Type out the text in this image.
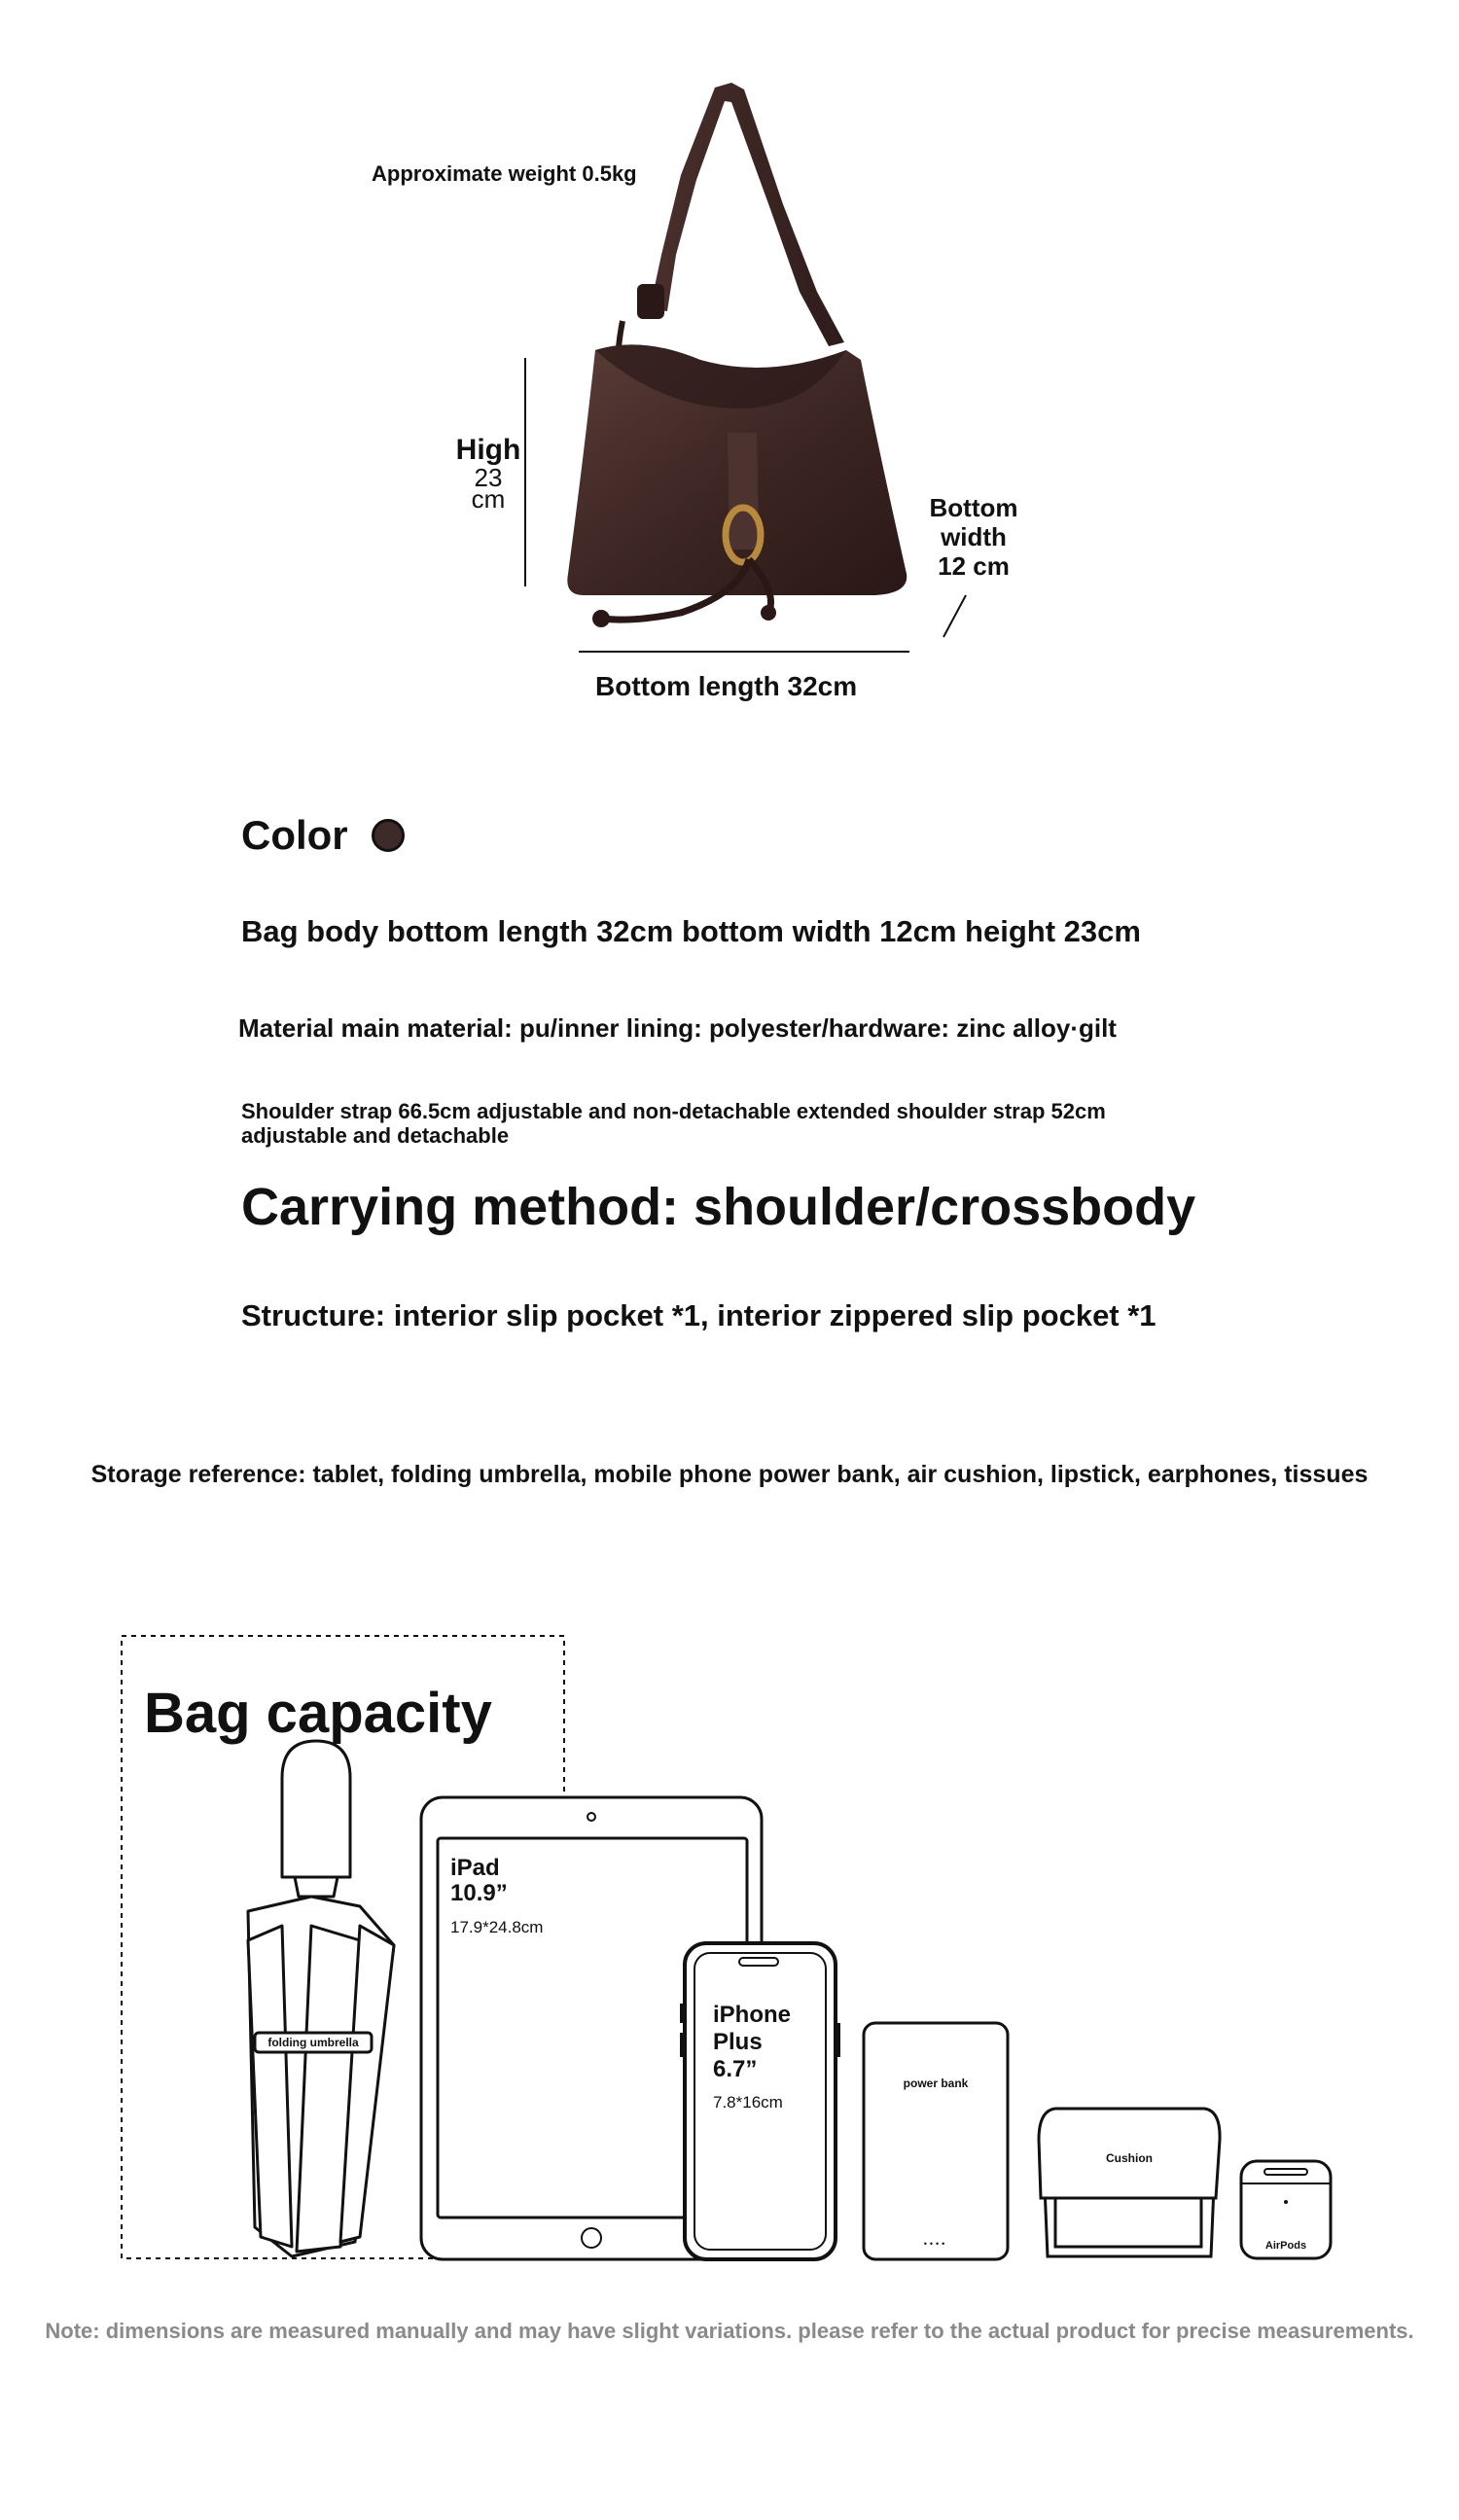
Approximate weight 0.5kg
High
23
cm	Bottom
width
12 cm
Bottom length 32cm
Color
Bag body bottom length 32cm bottom width 12cm height 23cm
Material main material: pu/inner lining: polyester/hardware: zinc alloy·gilt
Shoulder strap 66.5cm adjustable and non-detachable extended shoulder strap 52cm
adjustable and detachable
Carrying method: shoulder/crossbody
Structure: interior slip pocket *1, interior zippered slip pocket *1
Storage reference: tablet, folding umbrella, mobile phone power bank, air cushion, lipstick, earphones, tissues
Bag capacity
folding umbrella
iPad
10.9”
17.9*24.8cm
iPhone
Plus
6.7”
7.8*16cm
power bank
••••
Cushion
AirPods
Note: dimensions are measured manually and may have slight variations. please refer to the actual product for precise measurements.
